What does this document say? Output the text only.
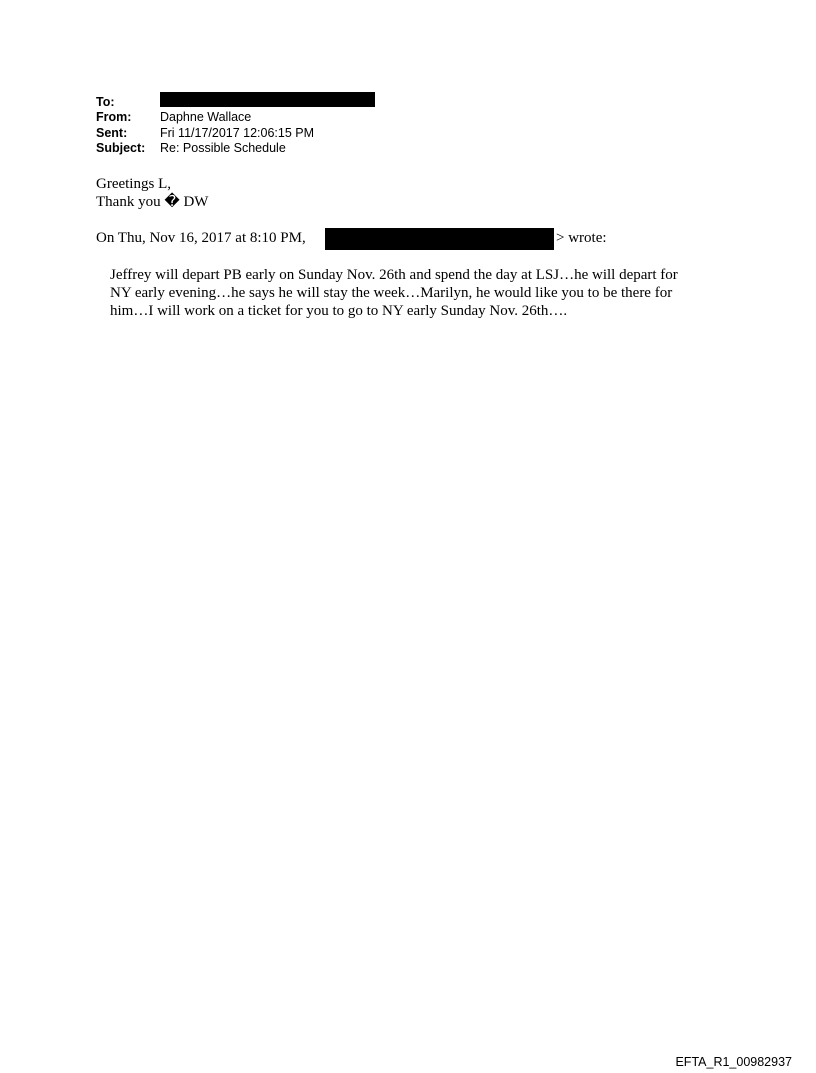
To:
From:	Daphne Wallace
Sent:	Fri 11/17/2017 12:06:15 PM
Subject:	Re: Possible Schedule
Greetings L,
Thank you � DW
On Thu, Nov 16, 2017 at 8:10 PM,	> wrote:
Jeffrey will depart PB early on Sunday Nov. 26th and spend the day at LSJ…he will depart for
NY early evening…he says he will stay the week…Marilyn, he would like you to be there for
him…I will work on a ticket for you to go to NY early Sunday Nov. 26th….
EFTA_R1_00982937
